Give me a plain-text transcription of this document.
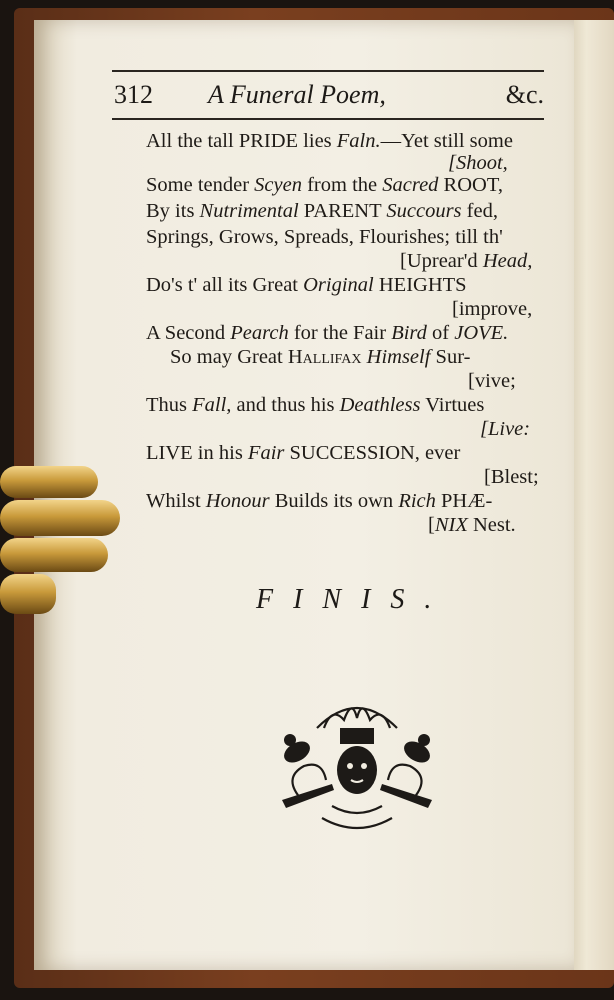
312 A Funeral Poem,	&c.
All the tall PRIDE lies Faln.—Yet still some
[Shoot,
Some tender Scyen from the Sacred ROOT,
By its Nutrimental PARENT Succours fed,
Springs, Grows, Spreads, Flourishes; till th'
[Uprear'd Head,
Do's t' all its Great Original HEIGHTS
[improve,
A Second Pearch for the Fair Bird of JOVE.
So may Great Hallifax Himself Sur-
[vive;
Thus Fall, and thus his Deathless Virtues
[Live:
LIVE in his Fair SUCCESSION, ever
[Blest;
Whilst Honour Builds its own Rich PHÆ-
[NIX Nest.
FINIS.
